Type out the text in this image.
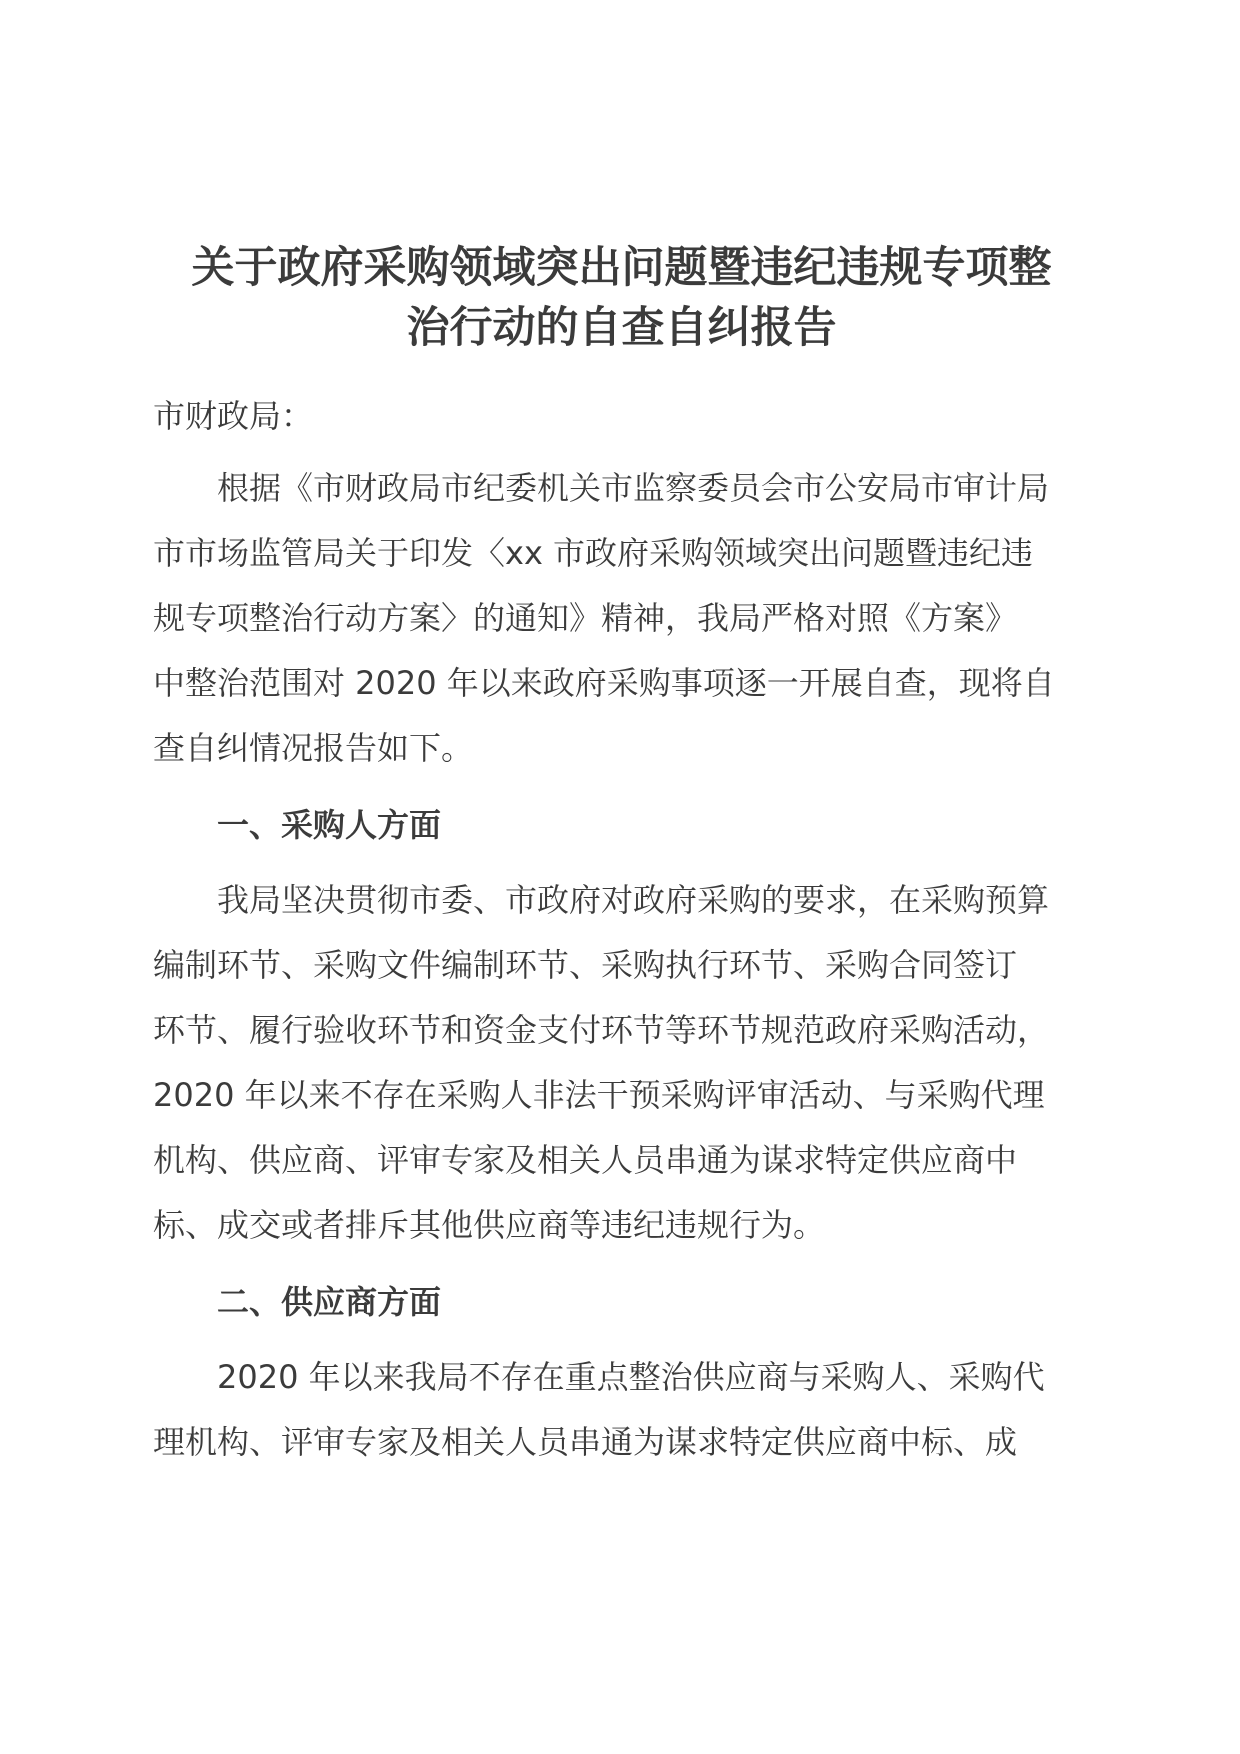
关于政府采购领域突出问题暨违纪违规专项整
治行动的自查自纠报告

市财政局：

根据《市财政局市纪委机关市监察委员会市公安局市审计局
市市场监管局关于印发〈xx 市政府采购领域突出问题暨违纪违
规专项整治行动方案〉的通知》精神，我局严格对照《方案》
中整治范围对 2020 年以来政府采购事项逐一开展自查，现将自
查自纠情况报告如下。

一、采购人方面

我局坚决贯彻市委、市政府对政府采购的要求，在采购预算
编制环节、采购文件编制环节、采购执行环节、采购合同签订
环节、履行验收环节和资金支付环节等环节规范政府采购活动，
2020 年以来不存在采购人非法干预采购评审活动、与采购代理
机构、供应商、评审专家及相关人员串通为谋求特定供应商中
标、成交或者排斥其他供应商等违纪违规行为。

二、供应商方面

2020 年以来我局不存在重点整治供应商与采购人、采购代
理机构、评审专家及相关人员串通为谋求特定供应商中标、成
